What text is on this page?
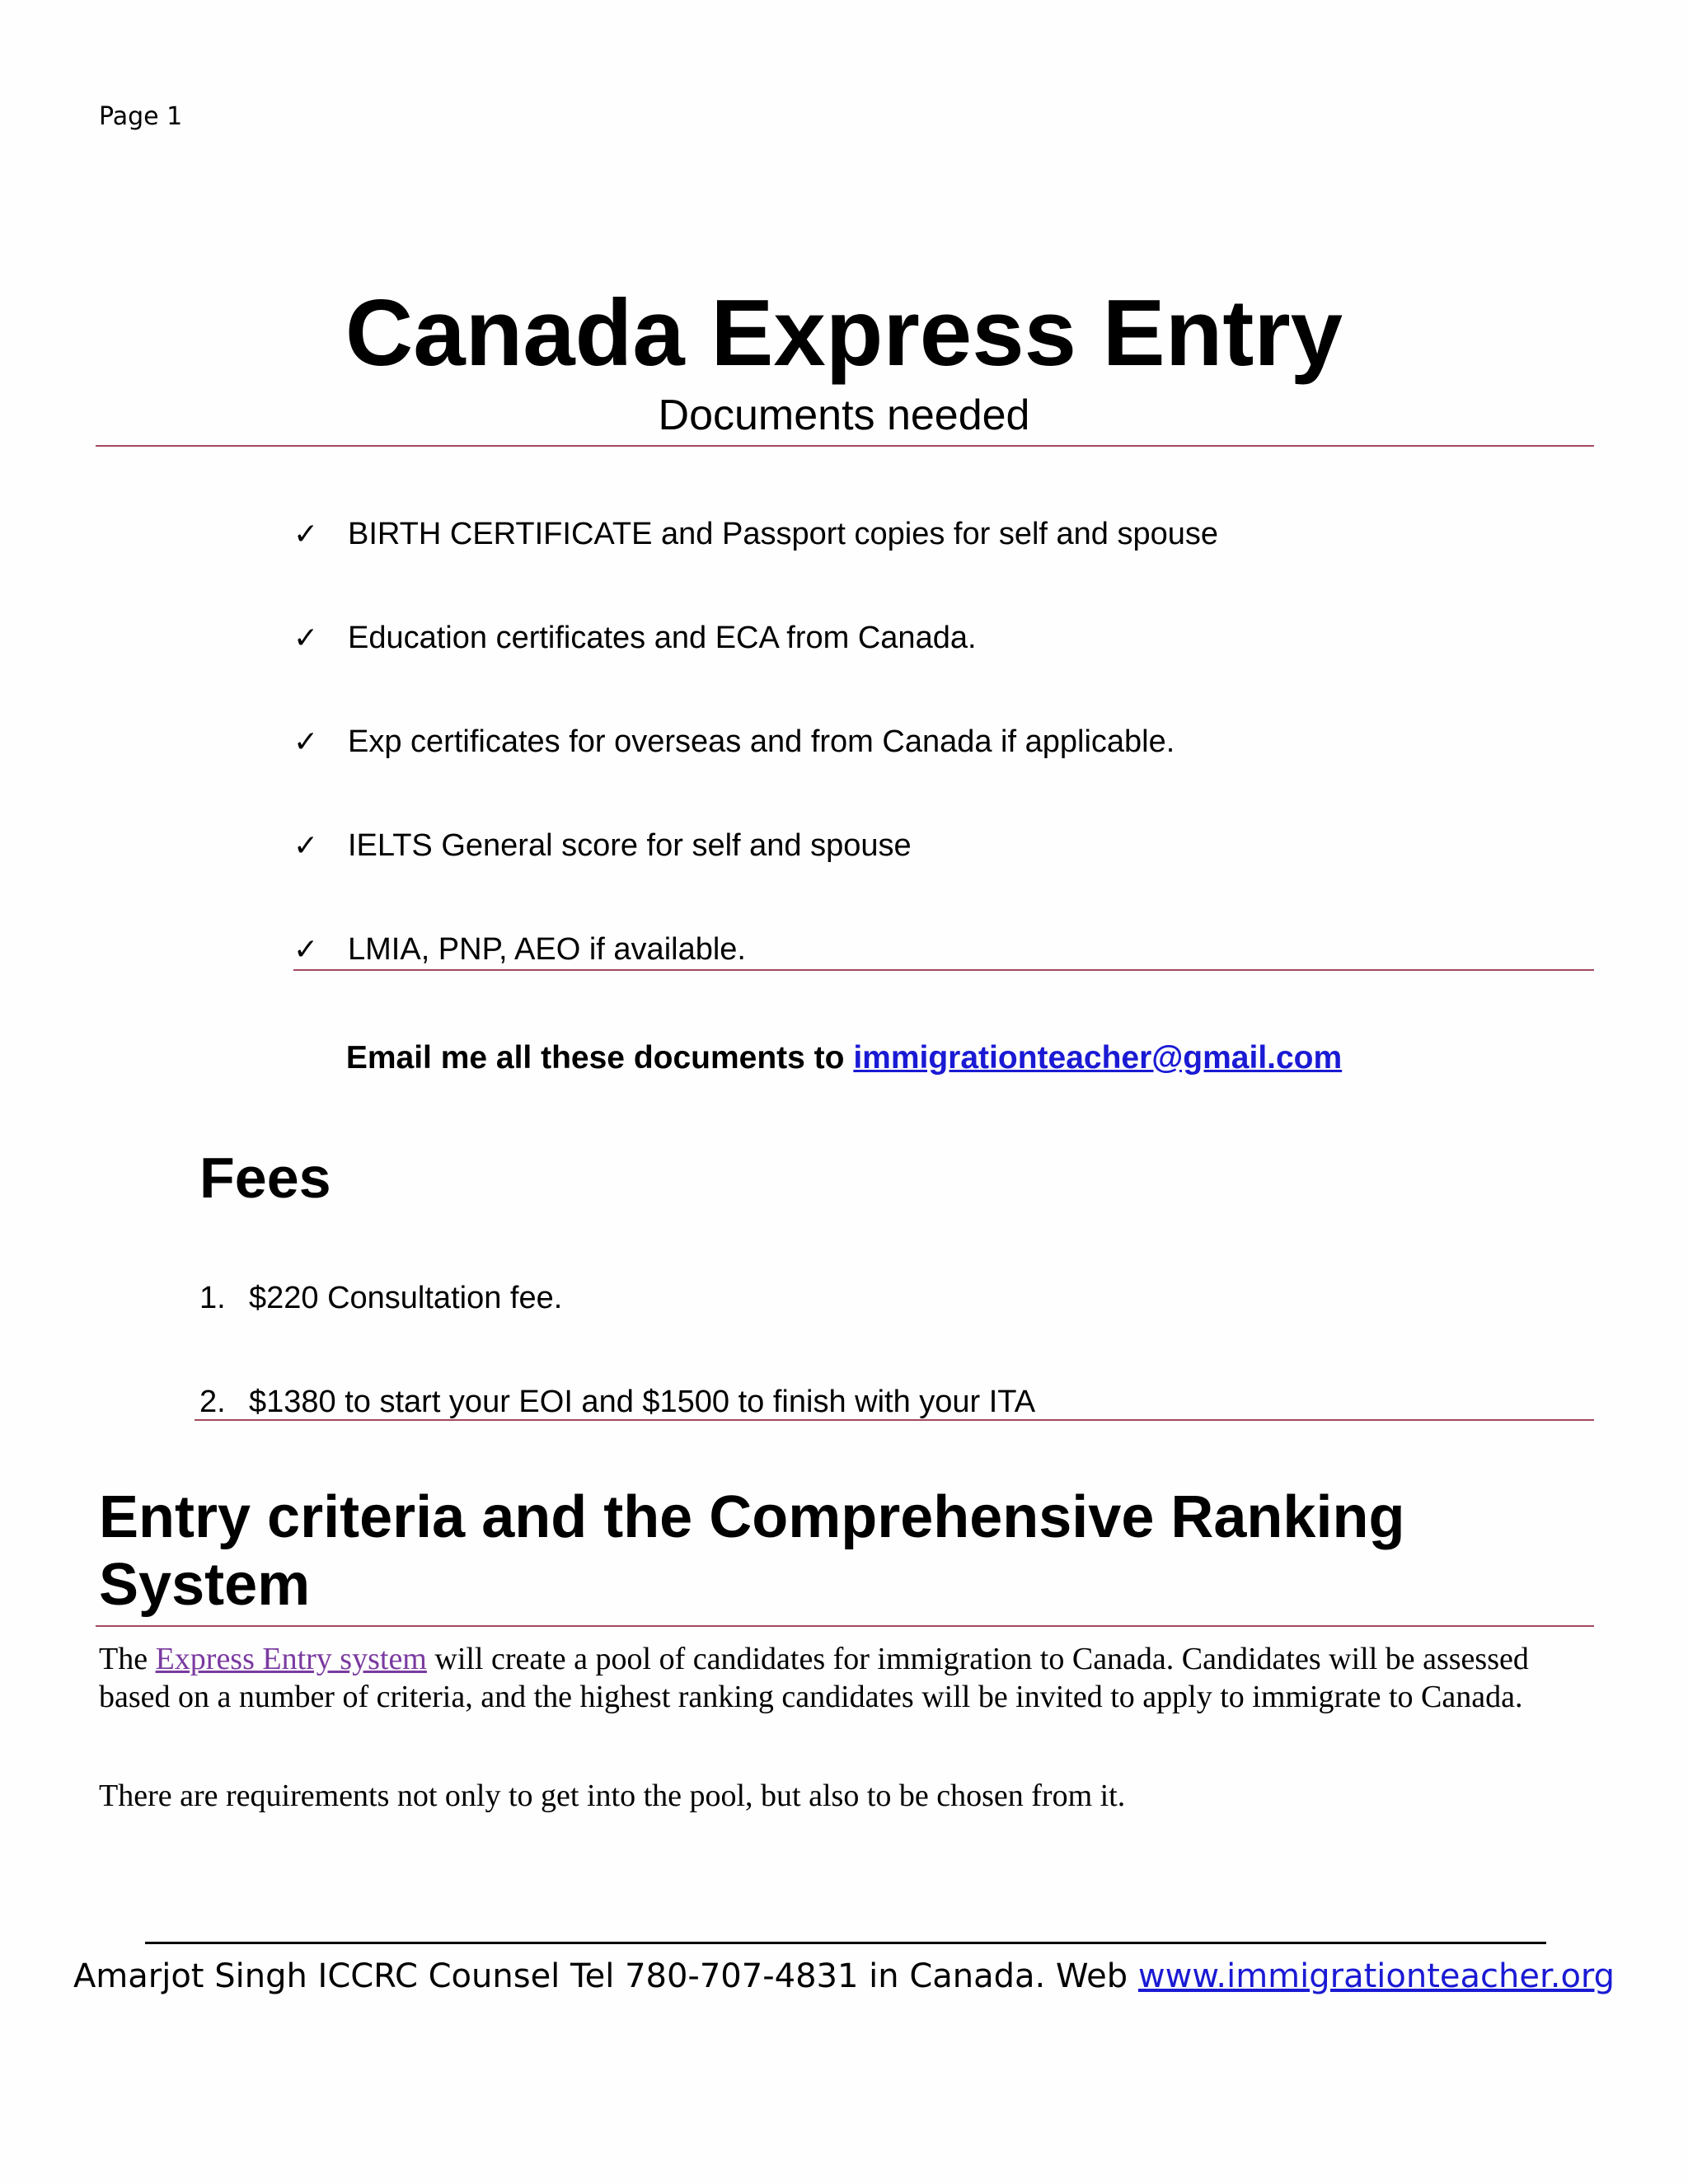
Page 1
Canada Express Entry
Documents needed
✓ BIRTH CERTIFICATE and Passport copies for self and spouse
✓ Education certificates and ECA from Canada.
✓ Exp certificates for overseas and from Canada if applicable.
✓ IELTS General score for self and spouse
✓ LMIA, PNP, AEO if available.
Email me all these documents to immigrationteacher@gmail.com
Fees
1. $220 Consultation fee.
2. $1380 to start your EOI and $1500 to finish with your ITA
Entry criteria and the Comprehensive Ranking System

The Express Entry system will create a pool of candidates for immigration to Canada. Candidates will be assessed based on a number of criteria, and the highest ranking candidates will be invited to apply to immigrate to Canada.

There are requirements not only to get into the pool, but also to be chosen from it.

Amarjot Singh ICCRC Counsel Tel 780-707-4831 in Canada. Web www.immigrationteacher.org
